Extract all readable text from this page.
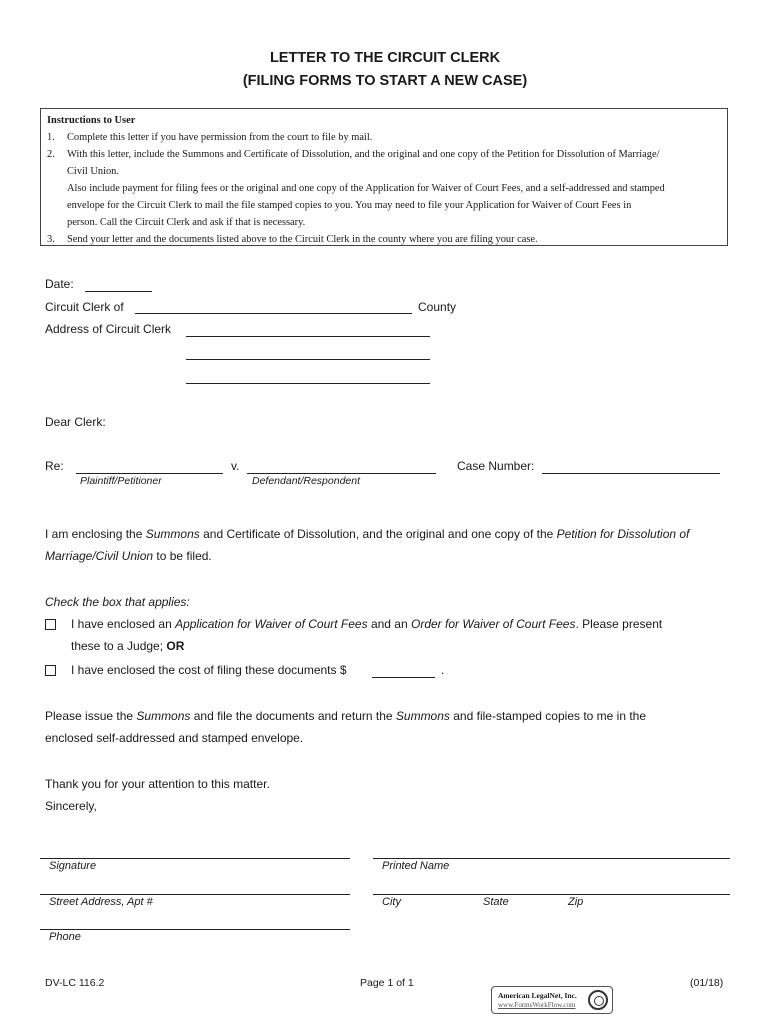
LETTER TO THE CIRCUIT CLERK
(FILING FORMS TO START A NEW CASE)
Instructions to User
1.	Complete this letter if you have permission from the court to file by mail.
2.	With this letter, include the Summons and Certificate of Dissolution, and the original and one copy of the Petition for Dissolution of Marriage/
Civil Union.
Also include payment for filing fees or the original and one copy of the Application for Waiver of Court Fees, and a self-addressed and stamped
envelope for the Circuit Clerk to mail the file stamped copies to you. You may need to file your Application for Waiver of Court Fees in
person. Call the Circuit Clerk and ask if that is necessary.
3.	Send your letter and the documents listed above to the Circuit Clerk in the county where you are filing your case.
Date:
Circuit Clerk of	County
Address of Circuit Clerk
Dear Clerk:
Re:	v.	Case Number:
Plaintiff/Petitioner	Defendant/Respondent
I am enclosing the Summons and Certificate of Dissolution, and the original and one copy of the Petition for Dissolution of
Marriage/Civil Union to be filed.
Check the box that applies:
I have enclosed an Application for Waiver of Court Fees and an Order for Waiver of Court Fees. Please present
these to a Judge; OR
I have enclosed the cost of filing these documents $	.
Please issue the Summons and file the documents and return the Summons and file-stamped copies to me in the
enclosed self-addressed and stamped envelope.
Thank you for your attention to this matter.
Sincerely,
Signature	Printed Name
Street Address, Apt #	City	State	Zip
Phone
DV-LC 116.2	Page 1 of 1	(01/18)
American LegalNet, Inc.
www.FormsWorkFlow.com
